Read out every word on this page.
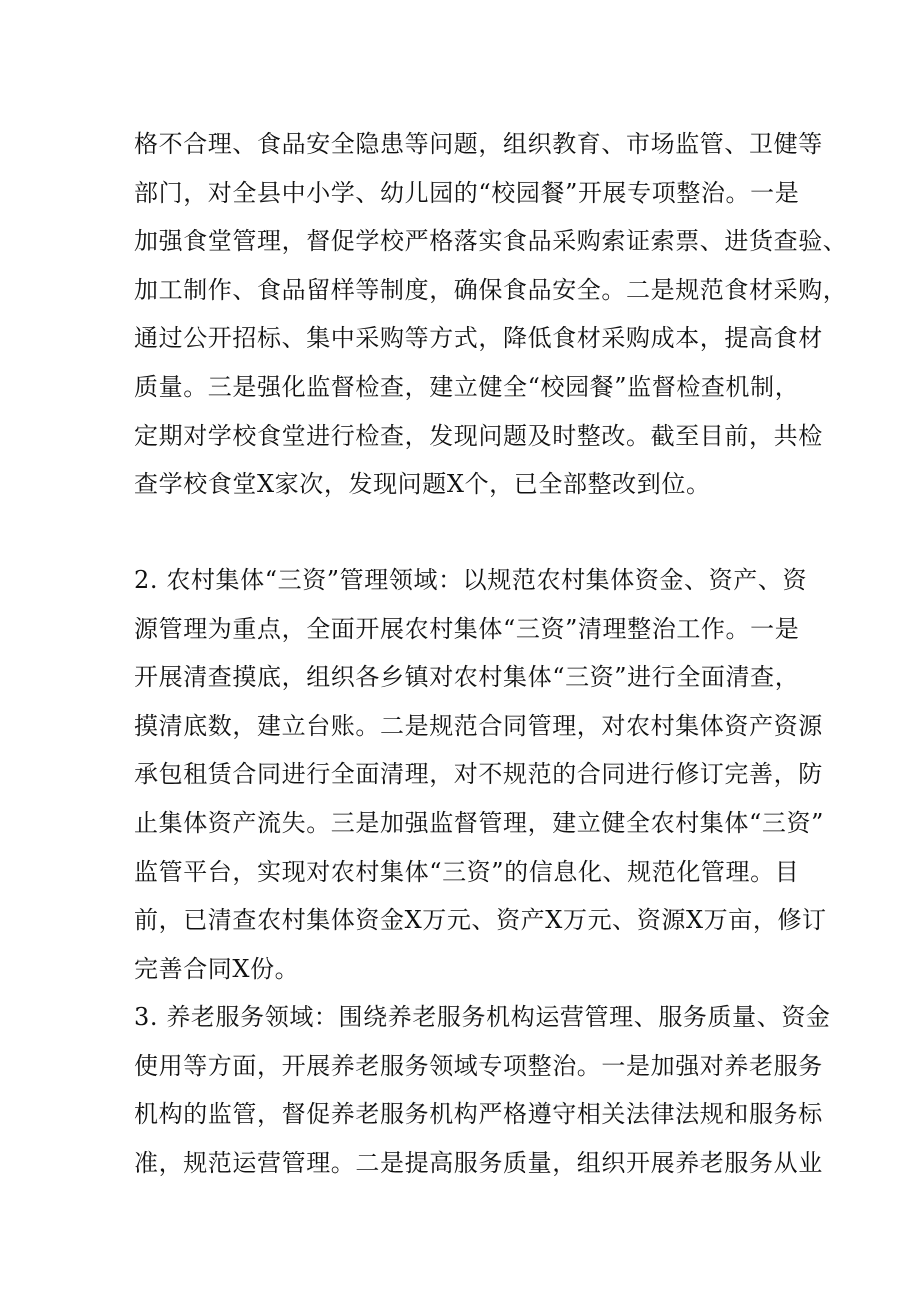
格不合理、食品安全隐患等问题，组织教育、市场监管、卫健等
部门，对全县中小学、幼儿园的“校园餐”开展专项整治。一是
加强食堂管理，督促学校严格落实食品采购索证索票、进货查验、
加工制作、食品留样等制度，确保食品安全。二是规范食材采购，
通过公开招标、集中采购等方式，降低食材采购成本，提高食材
质量。三是强化监督检查，建立健全“校园餐”监督检查机制，
定期对学校食堂进行检查，发现问题及时整改。截至目前，共检
查学校食堂X家次，发现问题X个，已全部整改到位。

2. 农村集体“三资”管理领域：以规范农村集体资金、资产、资
源管理为重点，全面开展农村集体“三资”清理整治工作。一是
开展清查摸底，组织各乡镇对农村集体“三资”进行全面清查，
摸清底数，建立台账。二是规范合同管理，对农村集体资产资源
承包租赁合同进行全面清理，对不规范的合同进行修订完善，防
止集体资产流失。三是加强监督管理，建立健全农村集体“三资”
监管平台，实现对农村集体“三资”的信息化、规范化管理。目
前，已清查农村集体资金X万元、资产X万元、资源X万亩，修订
完善合同X份。

3. 养老服务领域：围绕养老服务机构运营管理、服务质量、资金
使用等方面，开展养老服务领域专项整治。一是加强对养老服务
机构的监管，督促养老服务机构严格遵守相关法律法规和服务标
准，规范运营管理。二是提高服务质量，组织开展养老服务从业
